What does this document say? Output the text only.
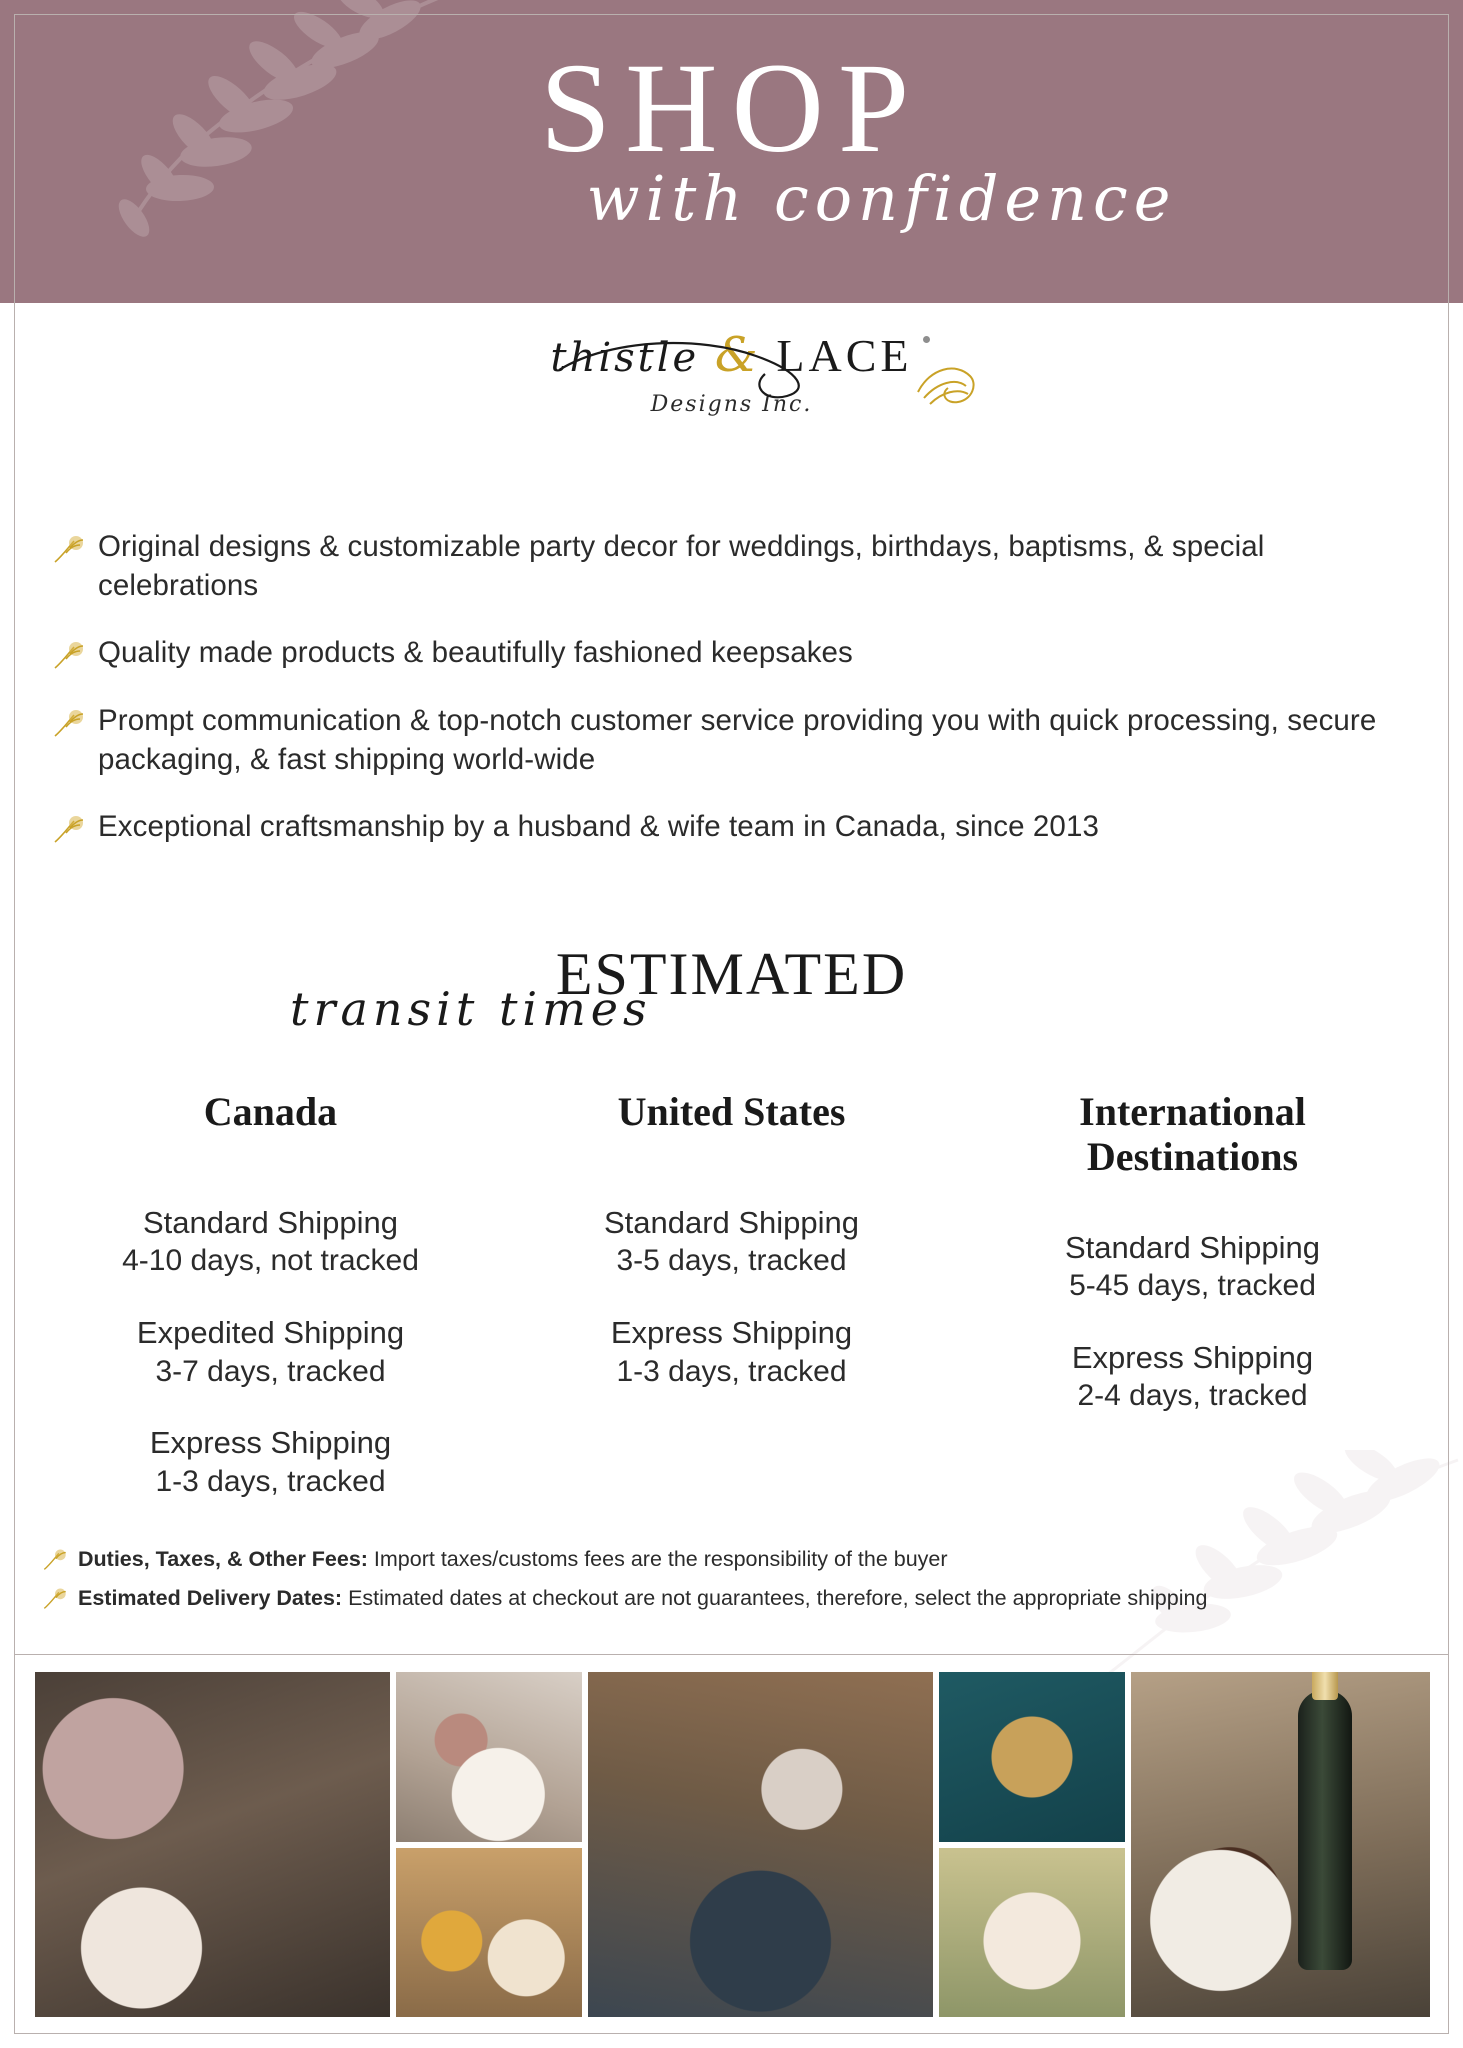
SHOP
with confidence
thistle & LACE
Designs Inc.
Original designs & customizable party decor for weddings, birthdays, baptisms, & special celebrations
Quality made products & beautifully fashioned keepsakes
Prompt communication & top-notch customer service providing you with quick processing, secure packaging, & fast shipping world-wide
Exceptional craftsmanship by a husband & wife team in Canada, since 2013
ESTIMATED
transit times
Canada
Standard Shipping
4-10 days, not tracked
Expedited Shipping
3-7 days, tracked
Express Shipping
1-3 days, tracked
United States
Standard Shipping
3-5 days, tracked
Express Shipping
1-3 days, tracked
International
Destinations
Standard Shipping
5-45 days, tracked
Express Shipping
2-4 days, tracked
Duties, Taxes, & Other Fees: Import taxes/customs fees are the responsibility of the buyer
Estimated Delivery Dates: Estimated dates at checkout are not guarantees, therefore, select the appropriate shipping
